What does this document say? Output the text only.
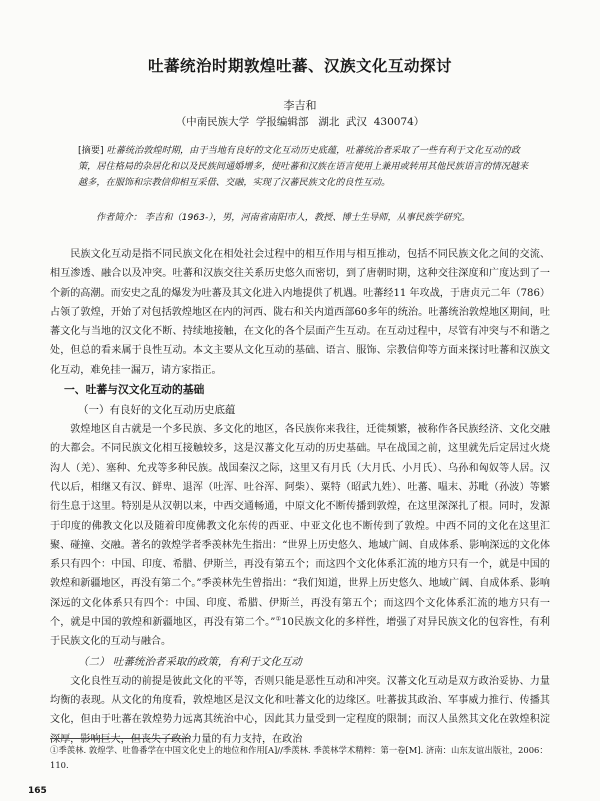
吐蕃统治时期敦煌吐蕃、汉族文化互动探讨
李吉和
（中南民族大学  学报编辑部   湖北  武汉  430074）
[摘要] 吐蕃统治敦煌时期，由于当地有良好的文化互动历史底蕴，吐蕃统治者采取了一些有利于文化互动的政策，居住格局的杂居化和以及民族间通婚增多，使吐蕃和汉族在语言使用上兼用或转用其他民族语言的情况越来越多，在服饰和宗教信仰相互采借、交融，实现了汉蕃民族文化的良性互动。
作者简介： 李吉和（1963-），男，河南省南阳市人，教授、博士生导师，从事民族学研究。

民族文化互动是指不同民族文化在相处社会过程中的相互作用与相互推动，包括不同民族文化之间的交流、相互渗透、融合以及冲突。吐蕃和汉族交往关系历史悠久而密切，到了唐朝时期，这种交往深度和广度达到了一个新的高潮。而安史之乱的爆发为吐蕃及其文化进入内地提供了机遇。吐蕃经11 年攻战，于唐贞元二年（786）占领了敦煌，开始了对包括敦煌地区在内的河西、陇右和关内道西部60多年的统治。吐蕃统治敦煌地区期间，吐蕃文化与当地的汉文化不断、持续地接触，在文化的各个层面产生互动。在互动过程中，尽管有冲突与不和谐之处，但总的看来属于良性互动。本文主要从文化互动的基础、语言、服饰、宗教信仰等方面来探讨吐蕃和汉族文化互动，难免挂一漏万，请方家指正。

一、吐蕃与汉文化互动的基础
（一）有良好的文化互动历史底蕴

敦煌地区自古就是一个多民族、多文化的地区，各民族你来我往，迁徙频繁，被称作各民族经济、文化交融的大都会。不同民族文化相互接触较多，这是汉蕃文化互动的历史基础。早在战国之前，这里就先后定居过火烧沟人（羌）、塞种、允戎等多种民族。战国秦汉之际，这里又有月氏（大月氏、小月氏）、乌孙和匈奴等人居。汉代以后，相继又有汉、鲜卑、退浑（吐浑、吐谷浑、阿柴）、粟特（昭武九姓）、吐蕃、嗢末、苏毗（孙波）等繁衍生息于这里。特别是从汉朝以来，中西交通畅通，中原文化不断传播到敦煌，在这里深深扎了根。同时，发源于印度的佛教文化以及随着印度佛教文化东传的西亚、中亚文化也不断传到了敦煌。中西不同的文化在这里汇聚、碰撞、交融。著名的敦煌学者季羡林先生指出：“世界上历史悠久、地域广阔、自成体系、影响深远的文化体系只有四个：中国、印度、希腊、伊斯兰，再没有第五个；而这四个文化体系汇流的地方只有一个，就是中国的敦煌和新疆地区，再没有第二个。”季羡林先生曾指出：“我们知道，世界上历史悠久、地域广阔、自成体系、影响深远的文化体系只有四个：中国、印度、希腊、伊斯兰，再没有第五个；而这四个文化体系汇流的地方只有一个，就是中国的敦煌和新疆地区，再没有第二个。”①10民族文化的多样性，增强了对异民族文化的包容性，有利于民族文化的互动与融合。

（二） 吐蕃统治者采取的政策，有利于文化互动

文化良性互动的前提是彼此文化的平等，否则只能是恶性互动和冲突。汉蕃文化互动是双方政治妥协、力量均衡的表现。从文化的角度看，敦煌地区是汉文化和吐蕃文化的边缘区。吐蕃拔其政治、军事威力推行、传播其文化，但由于吐蕃在敦煌势力远离其统治中心，因此其力量受到一定程度的限制；而汉人虽然其文化在敦煌积淀深厚，影响巨大，但丧失了政治力量的有力支持，在政治

①季羡林. 敦煌学、吐鲁番学在中国文化史上的地位和作用[A]//季羡林. 季羡林学术精粹：第一卷[M]. 济南：山东友谊出版社，2006：110.
165
